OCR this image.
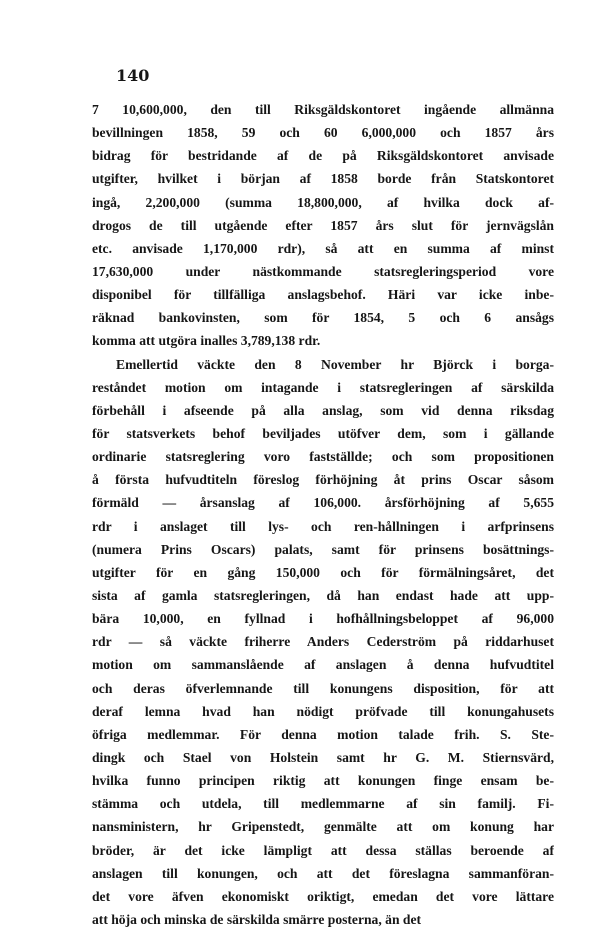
140
7 10,600,000, den till Riksgäldskontoret ingående allmänna
bevillningen 1858, 59 och 60 6,000,000 och 1857 års
bidrag för bestridande af de på Riksgäldskontoret anvisade
utgifter, hvilket i början af 1858 borde från Statskontoret
ingå, 2,200,000 (summa 18,800,000, af hvilka dock af-
drogos de till utgående efter 1857 års slut för jernvägslån
etc. anvisade 1,170,000 rdr), så att en summa af minst
17,630,000 under nästkommande statsregleringsperiod vore
disponibel för tillfälliga anslagsbehof. Häri var icke inbe-
räknad bankovinsten, som för 1854, 5 och 6 ansågs
komma att utgöra inalles 3,789,138 rdr.
Emellertid väckte den 8 November hr Björck i borga-
reståndet motion om intagande i statsregleringen af särskilda
förbehåll i afseende på alla anslag, som vid denna riksdag
för statsverkets behof beviljades utöfver dem, som i gällande
ordinarie statsreglering voro fastställde; och som propositionen
å första hufvudtiteln föreslog förhöjning åt prins Oscar såsom
förmäld — årsanslag af 106,000. årsförhöjning af 5,655
rdr i anslaget till lys- och ren-hållningen i arfprinsens
(numera Prins Oscars) palats, samt för prinsens bosättnings-
utgifter för en gång 150,000 och för förmälningsåret, det
sista af gamla statsregleringen, då han endast hade att upp-
bära 10,000, en fyllnad i hofhållningsbeloppet af 96,000
rdr — så väckte friherre Anders Cederström på riddarhuset
motion om sammanslående af anslagen å denna hufvudtitel
och deras öfverlemnande till konungens disposition, för att
deraf lemna hvad han nödigt pröfvade till konungahusets
öfriga medlemmar. För denna motion talade frih. S. Ste-
dingk och Stael von Holstein samt hr G. M. Stiernsvärd,
hvilka funno principen riktig att konungen finge ensam be-
stämma och utdela, till medlemmarne af sin familj. Fi-
nansministern, hr Gripenstedt, genmälte att om konung har
bröder, är det icke lämpligt att dessa ställas beroende af
anslagen till konungen, och att det föreslagna sammanföran-
det vore äfven ekonomiskt oriktigt, emedan det vore lättare
att höja och minska de särskilda smärre posterna, än det
